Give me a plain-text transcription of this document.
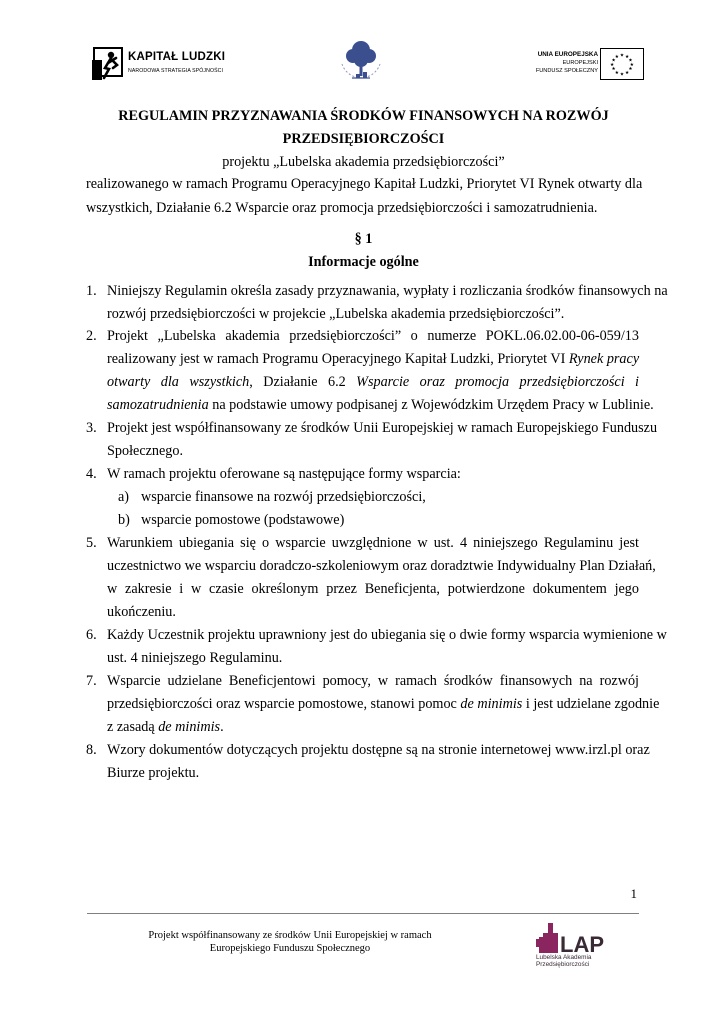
KAPITAŁ LUDZKI
NARODOWA STRATEGIA SPÓJNOŚCI
UNIA EUROPEJSKA
EUROPEJSKI
FUNDUSZ SPOŁECZNY
★ ★
★
★
★
★
★
★
★
★
★
★
REGULAMIN PRZYZNAWANIA ŚRODKÓW FINANSOWYCH NA ROZWÓJ
PRZEDSIĘBIORCZOŚCI
projektu „Lubelska akademia przedsiębiorczości”
realizowanego w ramach Programu Operacyjnego Kapitał Ludzki, Priorytet VI Rynek otwarty dla
wszystkich, Działanie 6.2 Wsparcie oraz promocja przedsiębiorczości i samozatrudnienia.
§ 1
Informacje ogólne
1. Niniejszy Regulamin określa zasady przyznawania, wypłaty i rozliczania środków finansowych na
rozwój przedsiębiorczości w projekcie „Lubelska akademia przedsiębiorczości”.
2. Projekt „Lubelska akademia przedsiębiorczości” o numerze POKL.06.02.00-06-059/13
realizowany jest w ramach Programu Operacyjnego Kapitał Ludzki, Priorytet VI Rynek pracy
otwarty dla wszystkich, Działanie 6.2 Wsparcie oraz promocja przedsiębiorczości i
samozatrudnienia na podstawie umowy podpisanej z Wojewódzkim Urzędem Pracy w Lublinie.
3. Projekt jest współfinansowany ze środków Unii Europejskiej w ramach Europejskiego Funduszu
Społecznego.
4. W ramach projektu oferowane są następujące formy wsparcia:
a) wsparcie finansowe na rozwój przedsiębiorczości,
b) wsparcie pomostowe (podstawowe)
5. Warunkiem ubiegania się o wsparcie uwzględnione w ust. 4 niniejszego Regulaminu jest
uczestnictwo we wsparciu doradczo-szkoleniowym oraz doradztwie Indywidualny Plan Działań,
w zakresie i w czasie określonym przez Beneficjenta, potwierdzone dokumentem jego
ukończeniu.
6. Każdy Uczestnik projektu uprawniony jest do ubiegania się o dwie formy wsparcia wymienione w
ust. 4 niniejszego Regulaminu.
7. Wsparcie udzielane Beneficjentowi pomocy, w ramach środków finansowych na rozwój
przedsiębiorczości oraz wsparcie pomostowe, stanowi pomoc de minimis i jest udzielane zgodnie
z zasadą de minimis.
8. Wzory dokumentów dotyczących projektu dostępne są na stronie internetowej www.irzl.pl oraz
Biurze projektu.
1
Projekt współfinansowany ze środków Unii Europejskiej w ramach
Europejskiego Funduszu Społecznego	LAP
Lubelska Akademia
Przedsiębiorczości
